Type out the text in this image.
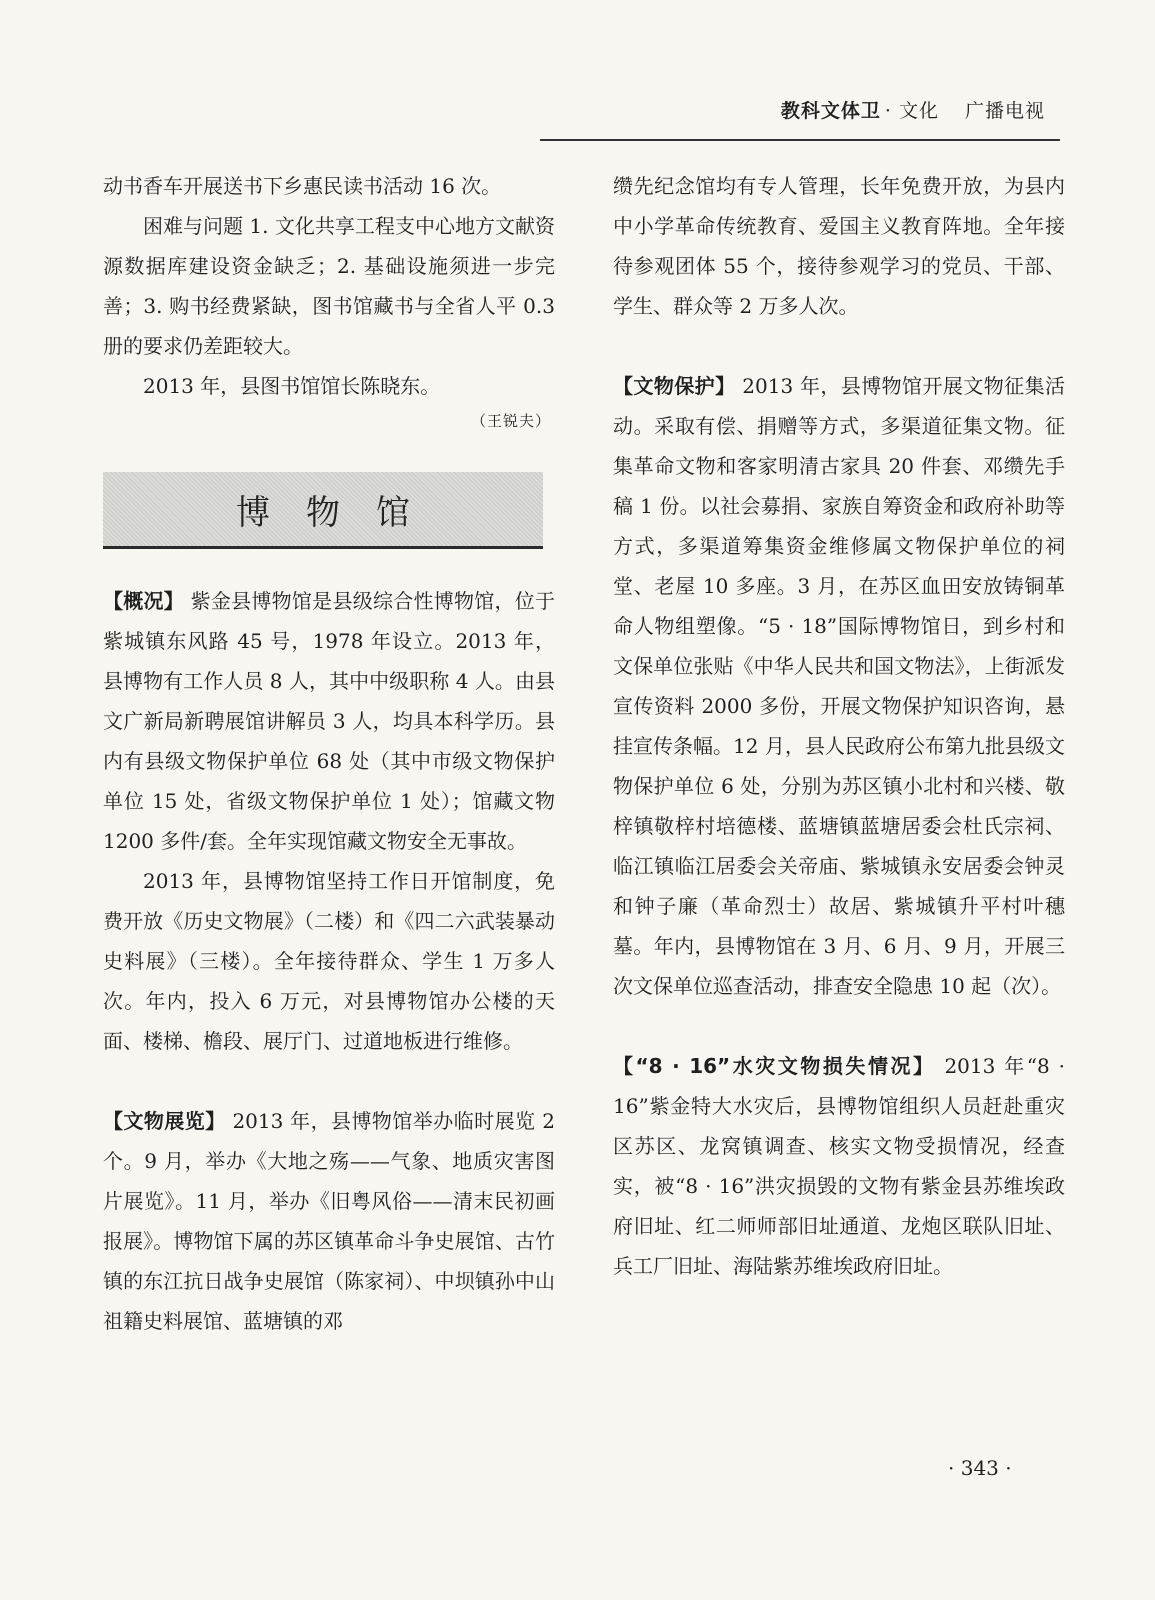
教科文体卫 · 文化 广播电视

动书香车开展送书下乡惠民读书活动 16 次。

困难与问题 1. 文化共享工程支中心地方文献资源数据库建设资金缺乏；2. 基础设施须进一步完善；3. 购书经费紧缺，图书馆藏书与全省人平 0.3 册的要求仍差距较大。

2013 年，县图书馆馆长陈晓东。

（王锐夫）
博物馆

【概况】 紫金县博物馆是县级综合性博物馆，位于紫城镇东风路 45 号，1978 年设立。2013 年，县博物有工作人员 8 人，其中中级职称 4 人。由县文广新局新聘展馆讲解员 3 人，均具本科学历。县内有县级文物保护单位 68 处（其中市级文物保护单位 15 处，省级文物保护单位 1 处）；馆藏文物 1200 多件/套。全年实现馆藏文物安全无事故。

2013 年，县博物馆坚持工作日开馆制度，免费开放《历史文物展》（二楼）和《四二六武装暴动史料展》（三楼）。全年接待群众、学生 1 万多人次。年内，投入 6 万元，对县博物馆办公楼的天面、楼梯、檐段、展厅门、过道地板进行维修。

【文物展览】 2013 年，县博物馆举办临时展览 2 个。9 月，举办《大地之殇——气象、地质灾害图片展览》。11 月，举办《旧粤风俗——清末民初画报展》。博物馆下属的苏区镇革命斗争史展馆、古竹镇的东江抗日战争史展馆（陈家祠）、中坝镇孙中山祖籍史料展馆、蓝塘镇的邓

缵先纪念馆均有专人管理，长年免费开放，为县内中小学革命传统教育、爱国主义教育阵地。全年接待参观团体 55 个，接待参观学习的党员、干部、学生、群众等 2 万多人次。

【文物保护】 2013 年，县博物馆开展文物征集活动。采取有偿、捐赠等方式，多渠道征集文物。征集革命文物和客家明清古家具 20 件套、邓缵先手稿 1 份。以社会募捐、家族自筹资金和政府补助等方式，多渠道筹集资金维修属文物保护单位的祠堂、老屋 10 多座。3 月，在苏区血田安放铸铜革命人物组塑像。“5 · 18”国际博物馆日，到乡村和文保单位张贴《中华人民共和国文物法》，上街派发宣传资料 2000 多份，开展文物保护知识咨询，悬挂宣传条幅。12 月，县人民政府公布第九批县级文物保护单位 6 处，分别为苏区镇小北村和兴楼、敬梓镇敬梓村培德楼、蓝塘镇蓝塘居委会杜氏宗祠、临江镇临江居委会关帝庙、紫城镇永安居委会钟灵和钟子廉（革命烈士）故居、紫城镇升平村叶穗墓。年内，县博物馆在 3 月、6 月、9 月，开展三次文保单位巡查活动，排查安全隐患 10 起（次）。

【“8 · 16”水灾文物损失情况】 2013 年“8 · 16”紫金特大水灾后，县博物馆组织人员赶赴重灾区苏区、龙窝镇调查、核实文物受损情况，经查实，被“8 · 16”洪灾损毁的文物有紫金县苏维埃政府旧址、红二师师部旧址通道、龙炮区联队旧址、兵工厂旧址、海陆紫苏维埃政府旧址。

· 343 ·
